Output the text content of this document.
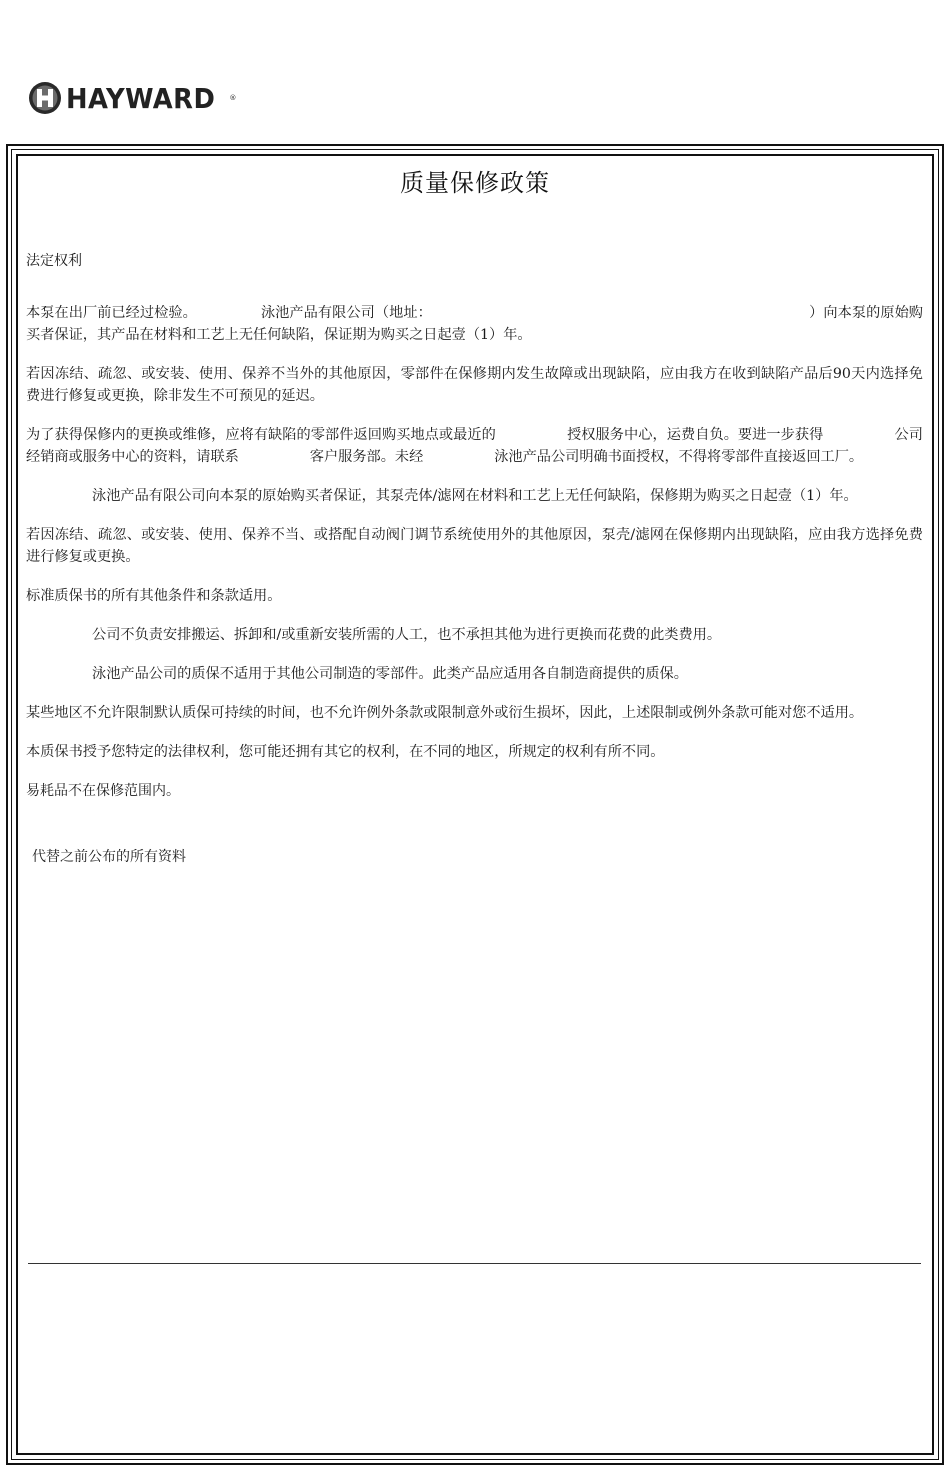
HAYWARD ®
质量保修政策

法定权利

本泵在出厂前已经过检验。　　　　　泳池产品有限公司（地址：　　　　　　　　　　　　　　　　　　　　　　　　　　　）向本泵的原始购买者保证，其产品在材料和工艺上无任何缺陷，保证期为购买之日起壹（1）年。

若因冻结、疏忽、或安装、使用、保养不当外的其他原因，零部件在保修期内发生故障或出现缺陷，应由我方在收到缺陷产品后90天内选择免费进行修复或更换，除非发生不可预见的延迟。

为了获得保修内的更换或维修，应将有缺陷的零部件返回购买地点或最近的　　　　　授权服务中心，运费自负。要进一步获得　　　　　公司经销商或服务中心的资料，请联系　　　　　客户服务部。未经　　　　　泳池产品公司明确书面授权，不得将零部件直接返回工厂。

泳池产品有限公司向本泵的原始购买者保证，其泵壳体/滤网在材料和工艺上无任何缺陷，保修期为购买之日起壹（1）年。

若因冻结、疏忽、或安装、使用、保养不当、或搭配自动阀门调节系统使用外的其他原因，泵壳/滤网在保修期内出现缺陷，应由我方选择免费进行修复或更换。

标准质保书的所有其他条件和条款适用。

公司不负责安排搬运、拆卸和/或重新安装所需的人工，也不承担其他为进行更换而花费的此类费用。

泳池产品公司的质保不适用于其他公司制造的零部件。此类产品应适用各自制造商提供的质保。

某些地区不允许限制默认质保可持续的时间，也不允许例外条款或限制意外或衍生损坏，因此，上述限制或例外条款可能对您不适用。

本质保书授予您特定的法律权利，您可能还拥有其它的权利，在不同的地区，所规定的权利有所不同。

易耗品不在保修范围内。

代替之前公布的所有资料
